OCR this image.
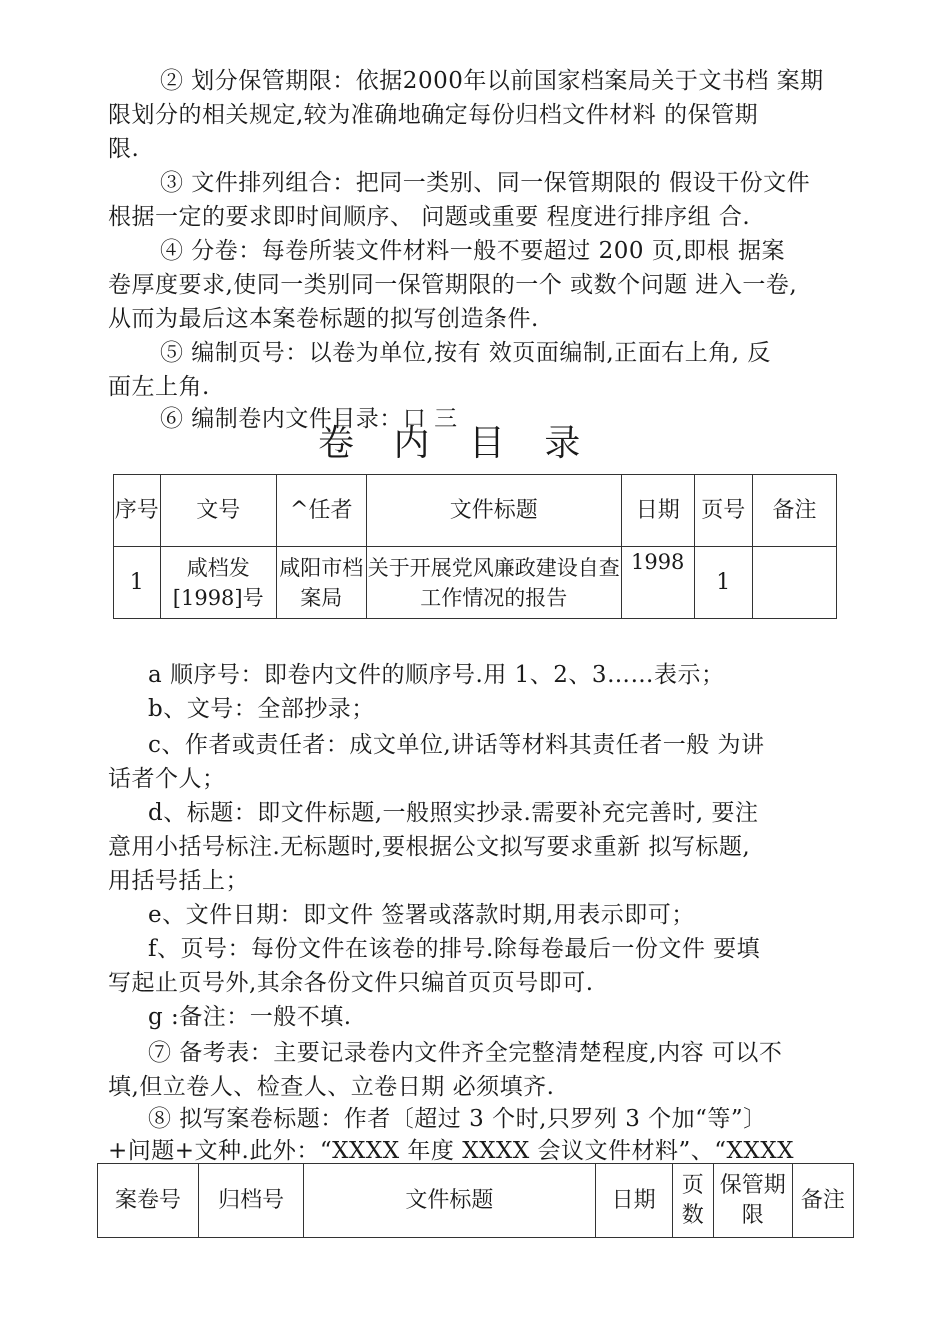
② 划分保管期限：依据2000年以前国家档案局关于文书档 案期
限划分的相关规定,较为准确地确定每份归档文件材料 的保管期
限.
③ 文件排列组合：把同一类别、同一保管期限的 假设干份文件
根据一定的要求即时间顺序、 问题或重要 程度进行排序组 合.
④ 分卷：每卷所装文件材料一般不要超过 200 页,即根 据案
卷厚度要求,使同一类别同一保管期限的一个 或数个问题 进入一卷,
从而为最后这本案卷标题的拟写创造条件.
⑤ 编制页号：以卷为单位,按有 效页面编制,正面右上角, 反
面左上角.
⑥ 编制卷内文件目录：口 三
卷 内 目 录
序号	文号	^任者	文件标题	日期	页号	备注
1	咸档发 [1998]号	咸阳市档案局	关于开展党风廉政建设自查工作情况的报告	1998	1	
a 顺序号：即卷内文件的顺序号.用 1、2、3……表示；
b、文号：全部抄录；
c、作者或责任者：成文单位,讲话等材料其责任者一般 为讲
话者个人；
d、标题：即文件标题,一般照实抄录.需要补充完善时, 要注
意用小括号标注.无标题时,要根据公文拟写要求重新 拟写标题,
用括号括上；
e、文件日期：即文件 签署或落款时期,用表示即可；
f、页号：每份文件在该卷的排号.除每卷最后一份文件 要填
写起止页号外,其余各份文件只编首页页号即可.
g :备注：一般不填.
⑦ 备考表：主要记录卷内文件齐全完整清楚程度,内容 可以不
填,但立卷人、检查人、立卷日期 必须填齐.
⑧ 拟写案卷标题：作者〔超过 3 个时,只罗列 3 个加“等”〕
+问题+文种.此外：“XXXX 年度 XXXX 会议文件材料”、“XXXX
案卷号	归档号	文件标题	日期	页数	保管期限	备注
